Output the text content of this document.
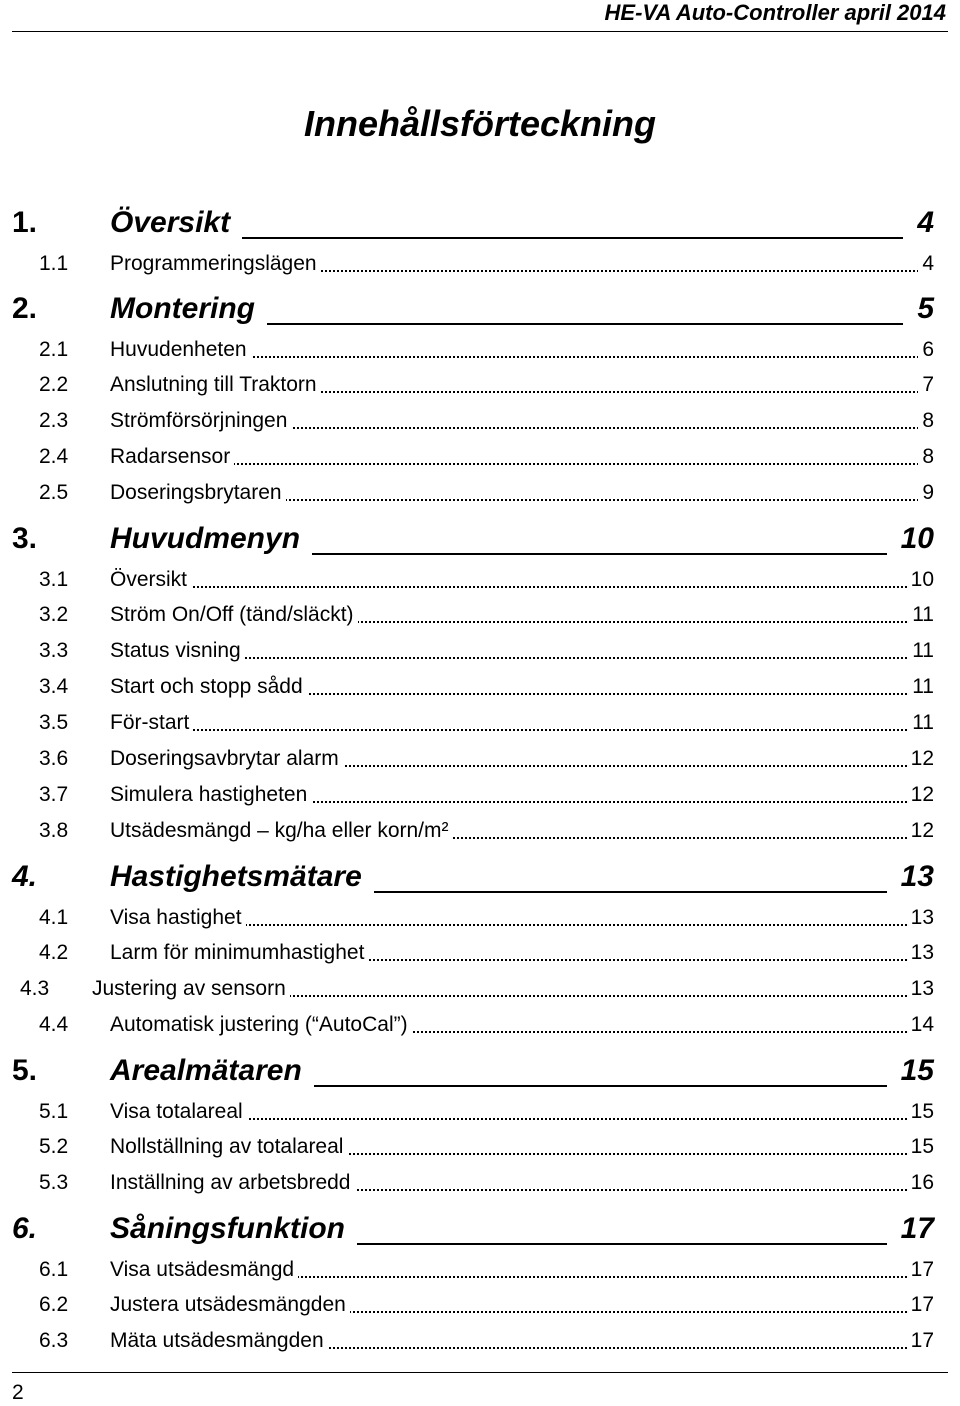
HE-VA Auto-Controller april 2014
Innehållsförteckning
1. Översikt	4
1.1 Programmeringslägen	4
2. Montering	5
2.1 Huvudenheten	6
2.2 Anslutning till Traktorn	7
2.3 Strömförsörjningen	8
2.4 Radarsensor	8
2.5 Doseringsbrytaren	9
3. Huvudmenyn	10
3.1 Översikt	10
3.2 Ström On/Off (tänd/släckt)	11
3.3 Status visning	11
3.4 Start och stopp sådd	11
3.5 För-start	11
3.6 Doseringsavbrytar alarm	12
3.7 Simulera hastigheten	12
3.8 Utsädesmängd – kg/ha eller korn/m²	12
4. Hastighetsmätare	13
4.1 Visa hastighet	13
4.2 Larm för minimumhastighet	13
4.3 Justering av sensorn	13
4.4 Automatisk justering (“AutoCal”)	14
5. Arealmätaren	15
5.1 Visa totalareal	15
5.2 Nollställning av totalareal	15
5.3 Inställning av arbetsbredd	16
6. Såningsfunktion	17
6.1 Visa utsädesmängd	17
6.2 Justera utsädesmängden	17
6.3 Mäta utsädesmängden	17
2
